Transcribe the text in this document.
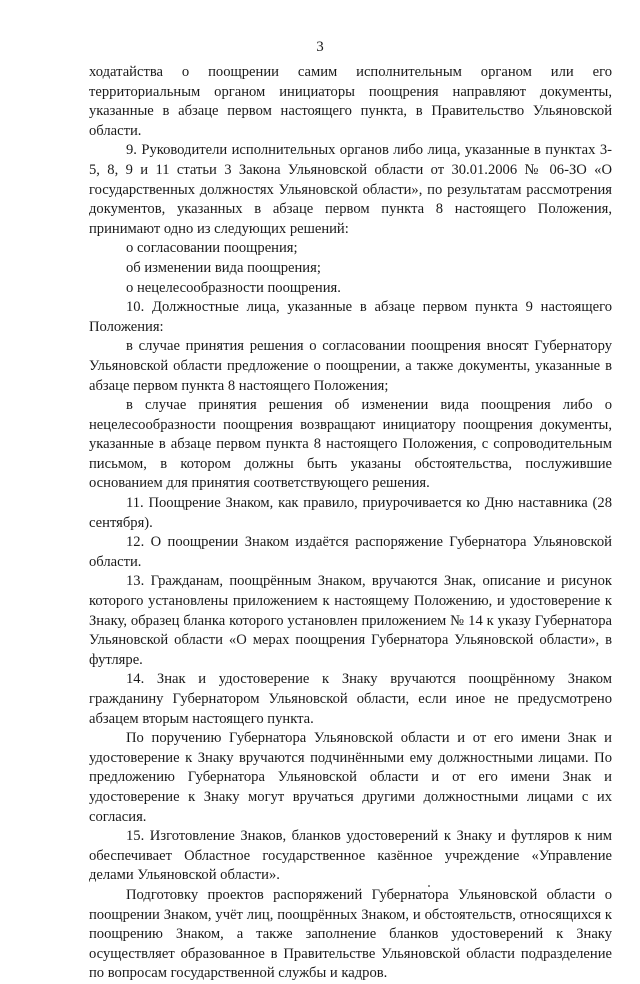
3

ходатайства о поощрении самим исполнительным органом или его территориальным органом инициаторы поощрения направляют документы, указанные в абзаце первом настоящего пункта, в Правительство Ульяновской области.

9. Руководители исполнительных органов либо лица, указанные в пунктах 3-5, 8, 9 и 11 статьи 3 Закона Ульяновской области от 30.01.2006 № 06-ЗО «О государственных должностях Ульяновской области», по результатам рассмотрения документов, указанных в абзаце первом пункта 8 настоящего Положения, принимают одно из следующих решений:

о согласовании поощрения;

об изменении вида поощрения;

о нецелесообразности поощрения.

10. Должностные лица, указанные в абзаце первом пункта 9 настоящего Положения:

в случае принятия решения о согласовании поощрения вносят Губернатору Ульяновской области предложение о поощрении, а также документы, указанные в абзаце первом пункта 8 настоящего Положения;

в случае принятия решения об изменении вида поощрения либо о нецелесообразности поощрения возвращают инициатору поощрения документы, указанные в абзаце первом пункта 8 настоящего Положения, с сопроводительным письмом, в котором должны быть указаны обстоятельства, послужившие основанием для принятия соответствующего решения.

11. Поощрение Знаком, как правило, приурочивается ко Дню наставника (28 сентября).

12. О поощрении Знаком издаётся распоряжение Губернатора Ульяновской области.

13. Гражданам, поощрённым Знаком, вручаются Знак, описание и рисунок которого установлены приложением к настоящему Положению, и удостоверение к Знаку, образец бланка которого установлен приложением № 14 к указу Губернатора Ульяновской области «О мерах поощрения Губернатора Ульяновской области», в футляре.

14. Знак и удостоверение к Знаку вручаются поощрённому Знаком гражданину Губернатором Ульяновской области, если иное не предусмотрено абзацем вторым настоящего пункта.

По поручению Губернатора Ульяновской области и от его имени Знак и удостоверение к Знаку вручаются подчинёнными ему должностными лицами. По предложению Губернатора Ульяновской области и от его имени Знак и удостоверение к Знаку могут вручаться другими должностными лицами с их согласия.

15. Изготовление Знаков, бланков удостоверений к Знаку и футляров к ним обеспечивает Областное государственное казённое учреждение «Управление делами Ульяновской области».

Подготовку проектов распоряжений Губернатора Ульяновской области о поощрении Знаком, учёт лиц, поощрённых Знаком, и обстоятельств, относящихся к поощрению Знаком, а также заполнение бланков удостоверений к Знаку осуществляет образованное в Правительстве Ульяновской области подразделение по вопросам государственной службы и кадров.
